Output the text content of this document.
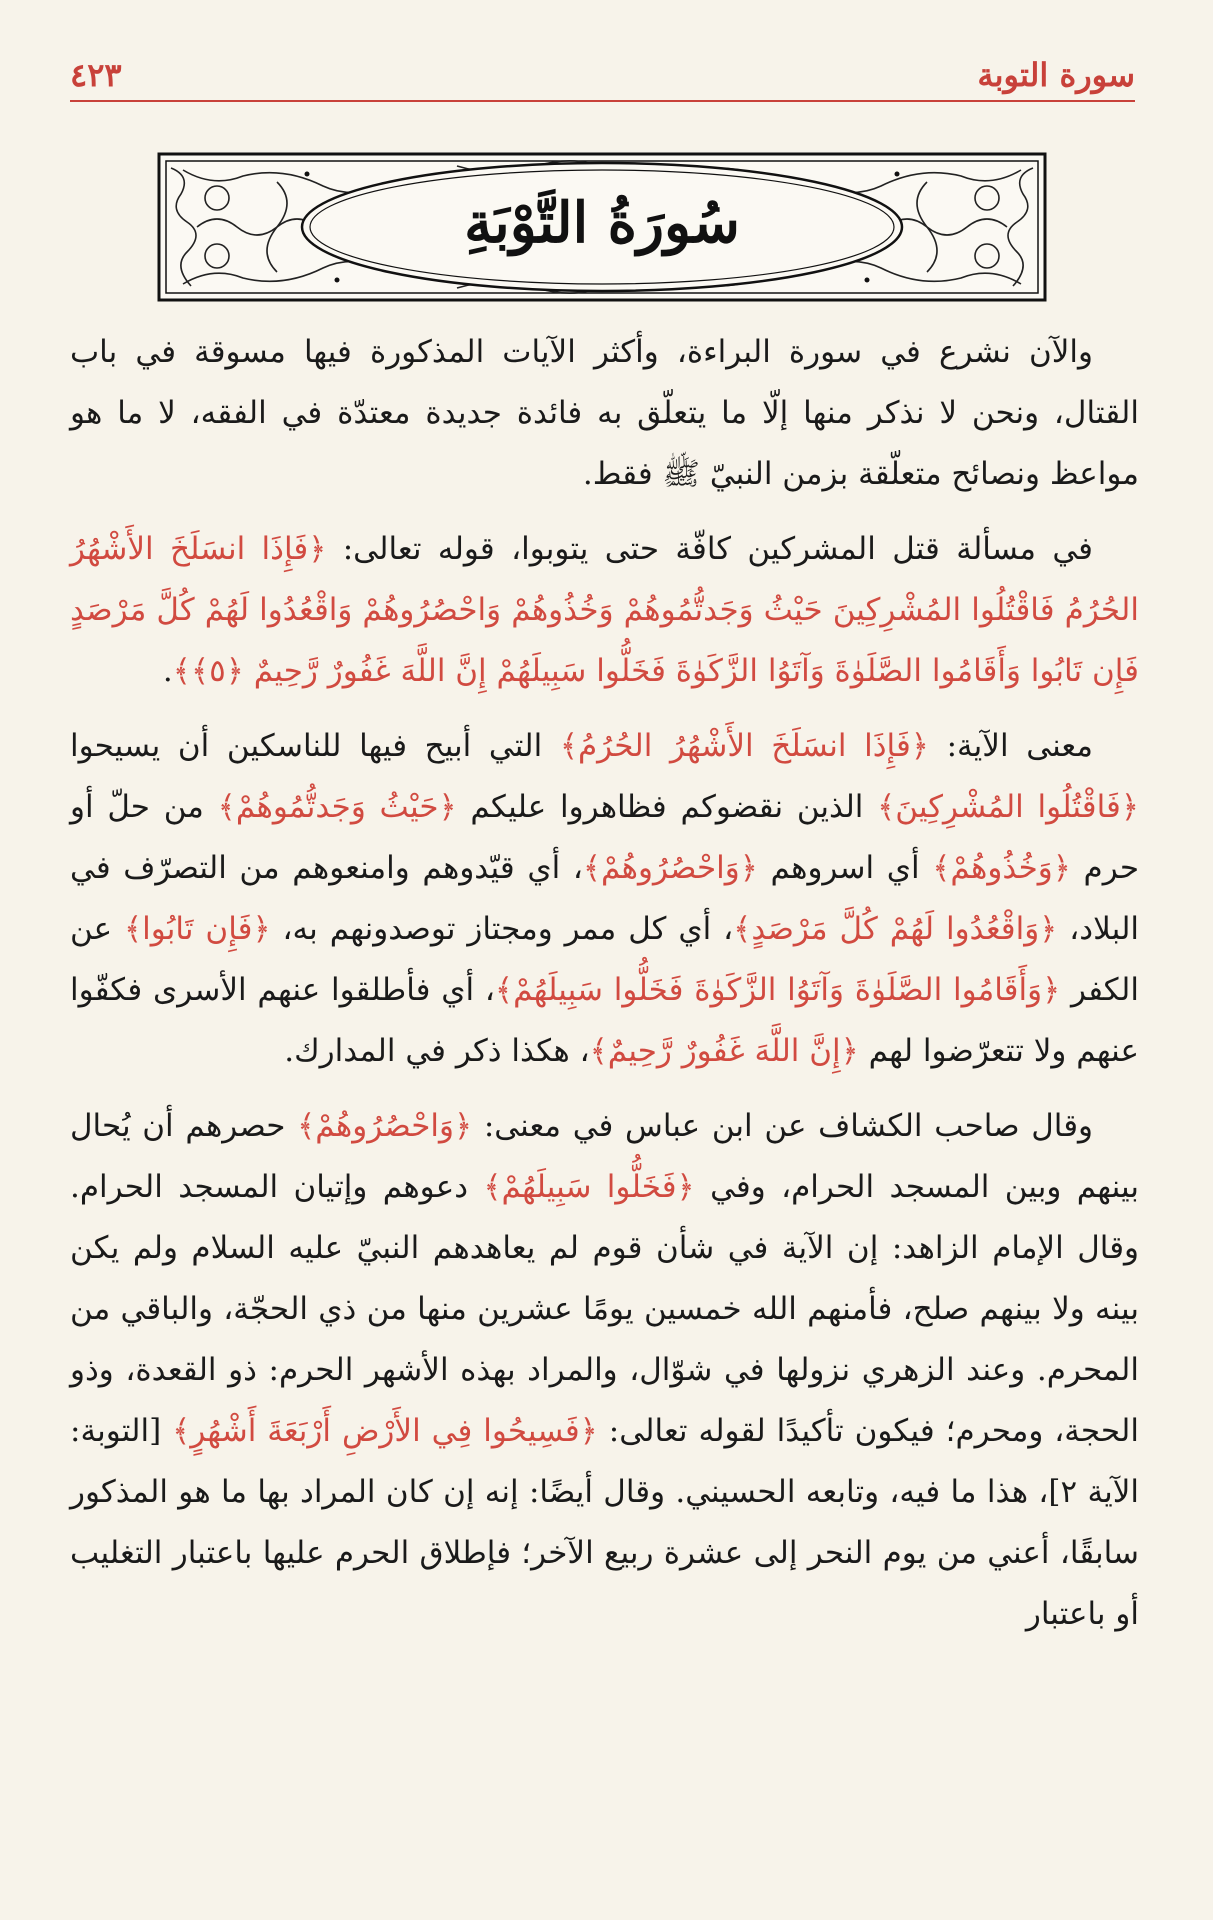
سورة التوبة
٤٢٣
سُورَةُ التَّوْبَةِ

والآن نشرع في سورة البراءة، وأكثر الآيات المذكورة فيها مسوقة في باب القتال، ونحن لا نذكر منها إلّا ما يتعلّق به فائدة جديدة معتدّة في الفقه، لا ما هو مواعظ ونصائح متعلّقة بزمن النبيّ ﷺ فقط.

في مسألة قتل المشركين كافّة حتى يتوبوا، قوله تعالى: ﴿فَإِذَا انسَلَخَ الأَشْهُرُ الحُرُمُ فَاقْتُلُوا المُشْرِكِينَ حَيْثُ وَجَدتُّمُوهُمْ وَخُذُوهُمْ وَاحْصُرُوهُمْ وَاقْعُدُوا لَهُمْ كُلَّ مَرْصَدٍ فَإِن تَابُوا وَأَقَامُوا الصَّلَوٰةَ وَآتَوُا الزَّكَوٰةَ فَخَلُّوا سَبِيلَهُمْ إِنَّ اللَّهَ غَفُورٌ رَّحِيمٌ ﴿٥﴾﴾.

معنى الآية: ﴿فَإِذَا انسَلَخَ الأَشْهُرُ الحُرُمُ﴾ التي أبيح فيها للناسكين أن يسيحوا ﴿فَاقْتُلُوا المُشْرِكِينَ﴾ الذين نقضوكم فظاهروا عليكم ﴿حَيْثُ وَجَدتُّمُوهُمْ﴾ من حلّ أو حرم ﴿وَخُذُوهُمْ﴾ أي اسروهم ﴿وَاحْصُرُوهُمْ﴾، أي قيّدوهم وامنعوهم من التصرّف في البلاد، ﴿وَاقْعُدُوا لَهُمْ كُلَّ مَرْصَدٍ﴾، أي كل ممر ومجتاز توصدونهم به، ﴿فَإِن تَابُوا﴾ عن الكفر ﴿وَأَقَامُوا الصَّلَوٰةَ وَآتَوُا الزَّكَوٰةَ فَخَلُّوا سَبِيلَهُمْ﴾، أي فأطلقوا عنهم الأسرى فكفّوا عنهم ولا تتعرّضوا لهم ﴿إِنَّ اللَّهَ غَفُورٌ رَّحِيمٌ﴾، هكذا ذكر في المدارك.

وقال صاحب الكشاف عن ابن عباس في معنى: ﴿وَاحْصُرُوهُمْ﴾ حصرهم أن يُحال بينهم وبين المسجد الحرام، وفي ﴿فَخَلُّوا سَبِيلَهُمْ﴾ دعوهم وإتيان المسجد الحرام. وقال الإمام الزاهد: إن الآية في شأن قوم لم يعاهدهم النبيّ عليه السلام ولم يكن بينه ولا بينهم صلح، فأمنهم الله خمسين يومًا عشرين منها من ذي الحجّة، والباقي من المحرم. وعند الزهري نزولها في شوّال، والمراد بهذه الأشهر الحرم: ذو القعدة، وذو الحجة، ومحرم؛ فيكون تأكيدًا لقوله تعالى: ﴿فَسِيحُوا فِي الأَرْضِ أَرْبَعَةَ أَشْهُرٍ﴾ [التوبة: الآية ٢]، هذا ما فيه، وتابعه الحسيني. وقال أيضًا: إنه إن كان المراد بها ما هو المذكور سابقًا، أعني من يوم النحر إلى عشرة ربيع الآخر؛ فإطلاق الحرم عليها باعتبار التغليب أو باعتبار
